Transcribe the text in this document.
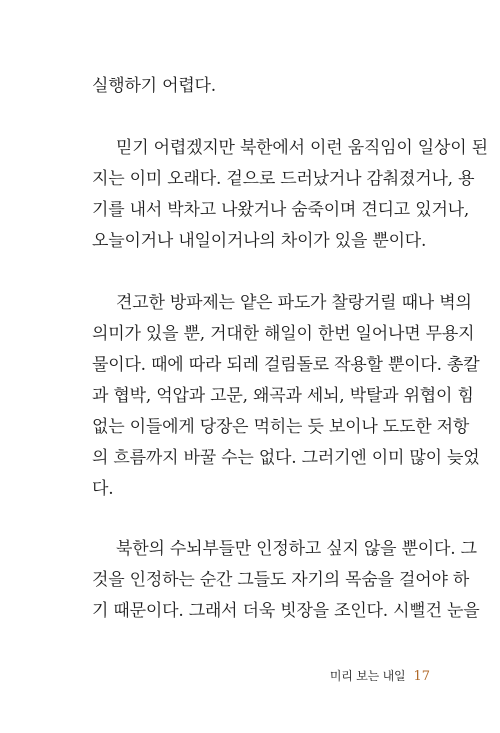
실행하기 어렵다.
믿기 어렵겠지만 북한에서 이런 움직임이 일상이 된
지는 이미 오래다. 겉으로 드러났거나 감춰졌거나, 용
기를 내서 박차고 나왔거나 숨죽이며 견디고 있거나,
오늘이거나 내일이거나의 차이가 있을 뿐이다.
견고한 방파제는 얕은 파도가 찰랑거릴 때나 벽의
의미가 있을 뿐, 거대한 해일이 한번 일어나면 무용지
물이다. 때에 따라 되레 걸림돌로 작용할 뿐이다. 총칼
과 협박, 억압과 고문, 왜곡과 세뇌, 박탈과 위협이 힘
없는 이들에게 당장은 먹히는 듯 보이나 도도한 저항
의 흐름까지 바꿀 수는 없다. 그러기엔 이미 많이 늦었
다.
북한의 수뇌부들만 인정하고 싶지 않을 뿐이다. 그
것을 인정하는 순간 그들도 자기의 목숨을 걸어야 하
기 때문이다. 그래서 더욱 빗장을 조인다. 시뻘건 눈을
미리 보는 내일 17
